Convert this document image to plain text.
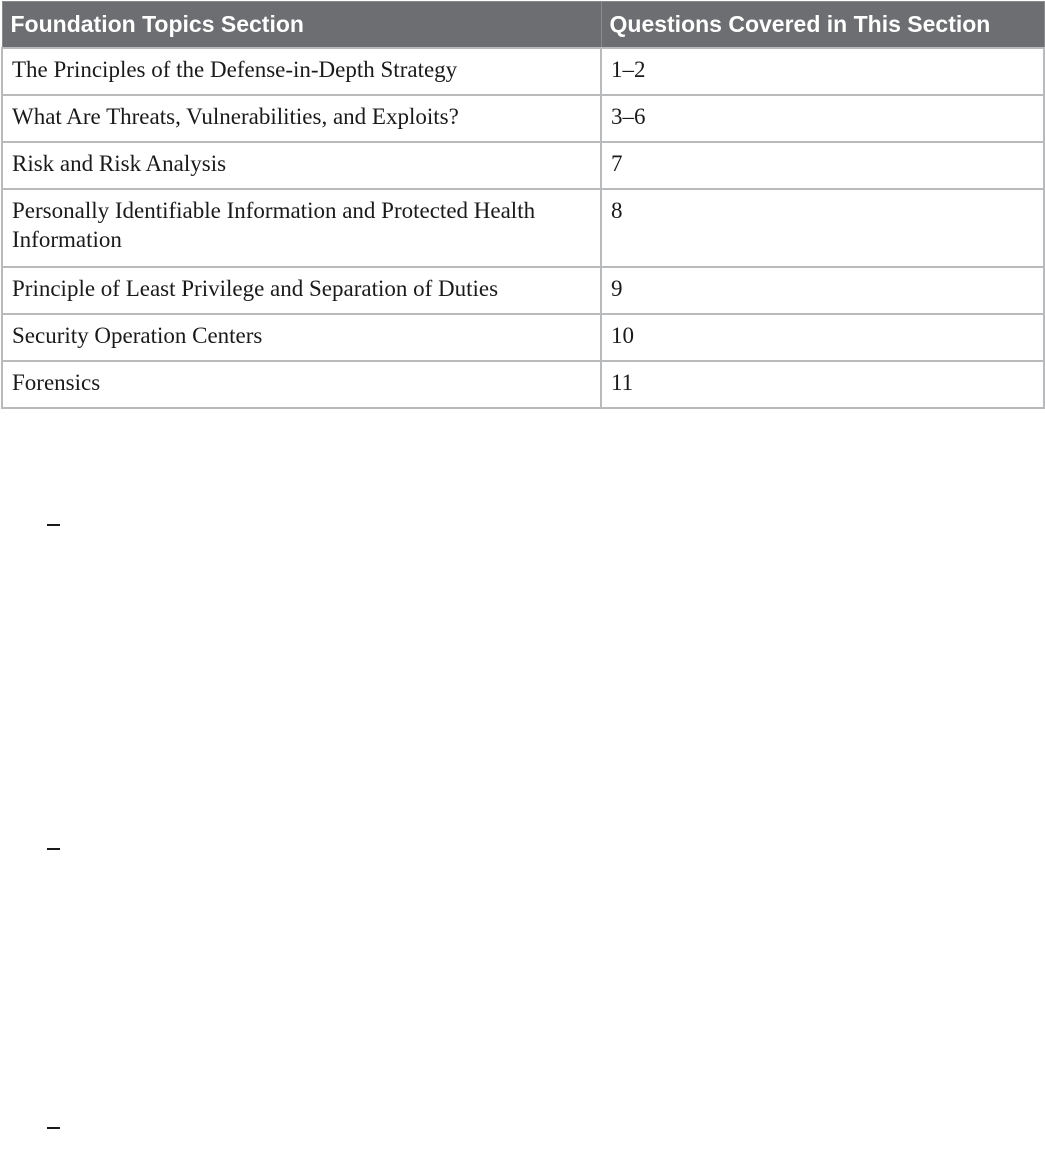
Foundation Topics Section	Questions Covered in This Section
The Principles of the Defense-in-Depth Strategy	1–2
What Are Threats, Vulnerabilities, and Exploits?	3–6
Risk and Risk Analysis	7
Personally Identifiable Information and Protected Health Information	8
Principle of Least Privilege and Separation of Duties	9
Security Operation Centers	10
Forensics	11
